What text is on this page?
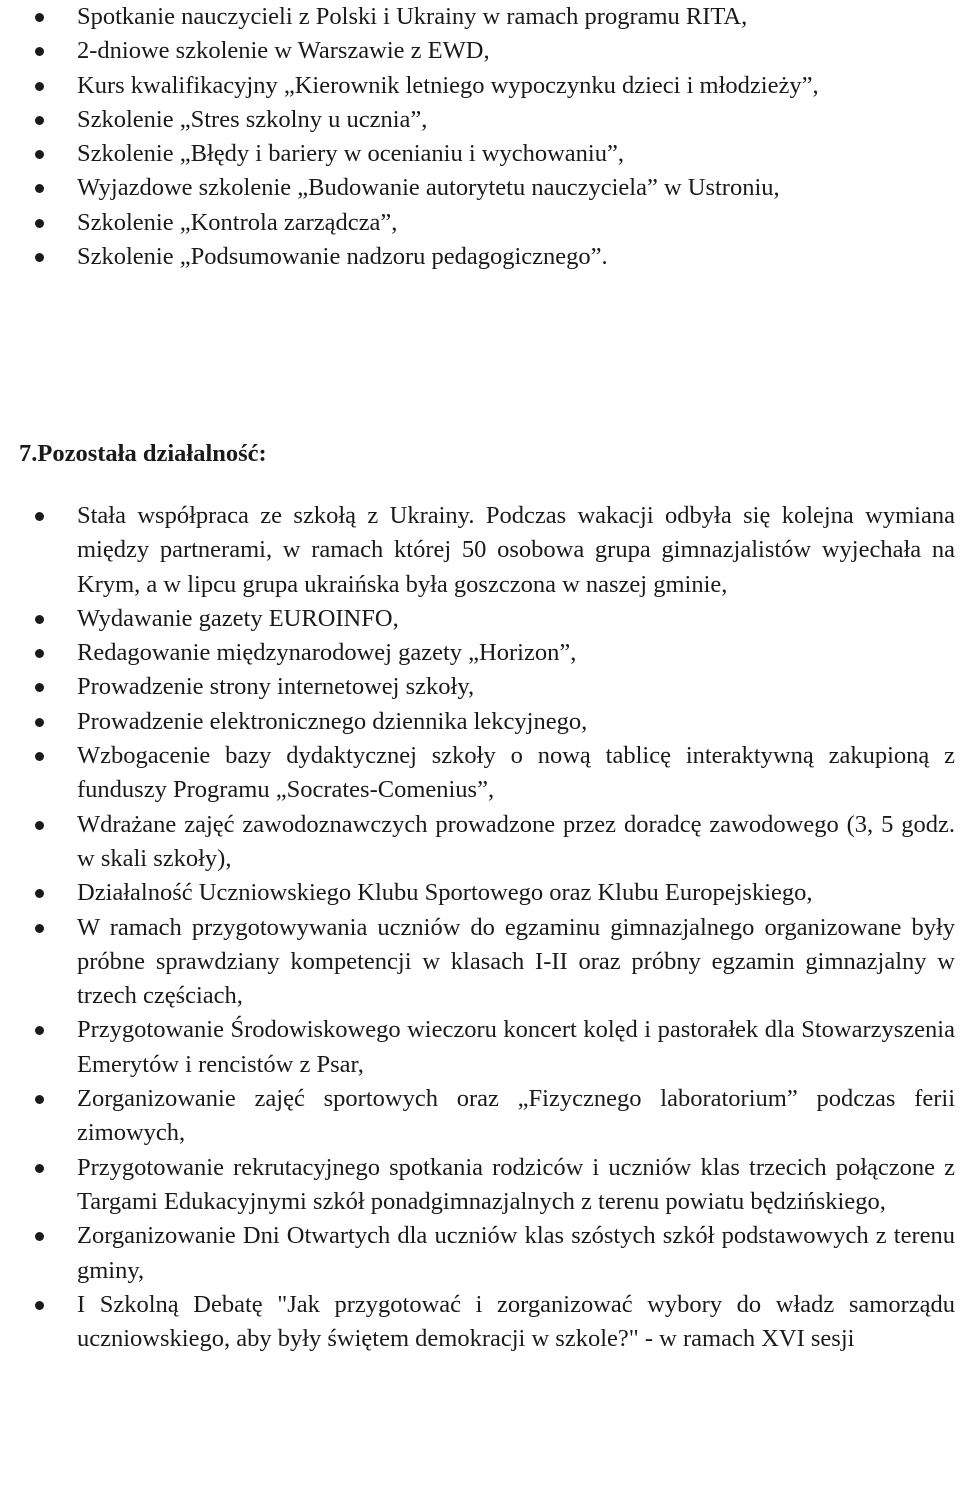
Spotkanie nauczycieli z Polski i Ukrainy w ramach programu RITA,
2-dniowe szkolenie w Warszawie z EWD,
Kurs kwalifikacyjny „Kierownik letniego wypoczynku dzieci i młodzieży”,
Szkolenie „Stres szkolny u ucznia”,
Szkolenie „Błędy i bariery w ocenianiu i wychowaniu”,
Wyjazdowe szkolenie „Budowanie autorytetu nauczyciela” w Ustroniu,
Szkolenie „Kontrola zarządcza”,
Szkolenie „Podsumowanie nadzoru pedagogicznego”.
7.Pozostała działalność:
Stała współpraca ze szkołą z Ukrainy. Podczas wakacji odbyła się kolejna wymiana między partnerami, w ramach której 50 osobowa grupa gimnazjalistów wyjechała na Krym, a w lipcu grupa ukraińska była goszczona w naszej gminie,
Wydawanie gazety EUROINFO,
Redagowanie międzynarodowej gazety „Horizon”,
Prowadzenie strony internetowej szkoły,
Prowadzenie elektronicznego dziennika lekcyjnego,
Wzbogacenie bazy dydaktycznej szkoły o nową tablicę interaktywną zakupioną z funduszy Programu „Socrates-Comenius”,
Wdrażane zajęć zawodoznawczych prowadzone przez doradcę zawodowego (3, 5 godz. w skali szkoły),
Działalność Uczniowskiego Klubu Sportowego oraz Klubu Europejskiego,
W ramach przygotowywania uczniów do egzaminu gimnazjalnego organizowane były próbne sprawdziany kompetencji w klasach I-II oraz próbny egzamin gimnazjalny w trzech częściach,
Przygotowanie Środowiskowego wieczoru koncert kolęd i pastorałek dla Stowarzyszenia Emerytów i rencistów z Psar,
Zorganizowanie zajęć sportowych oraz „Fizycznego laboratorium” podczas ferii zimowych,
Przygotowanie rekrutacyjnego spotkania rodziców i uczniów klas trzecich połączone z Targami Edukacyjnymi szkół ponadgimnazjalnych z terenu powiatu będzińskiego,
Zorganizowanie Dni Otwartych dla uczniów klas szóstych szkół podstawowych z terenu gminy,
I Szkolną Debatę "Jak przygotować i zorganizować wybory do władz samorządu uczniowskiego, aby były świętem demokracji w szkole?" - w ramach XVI sesji
